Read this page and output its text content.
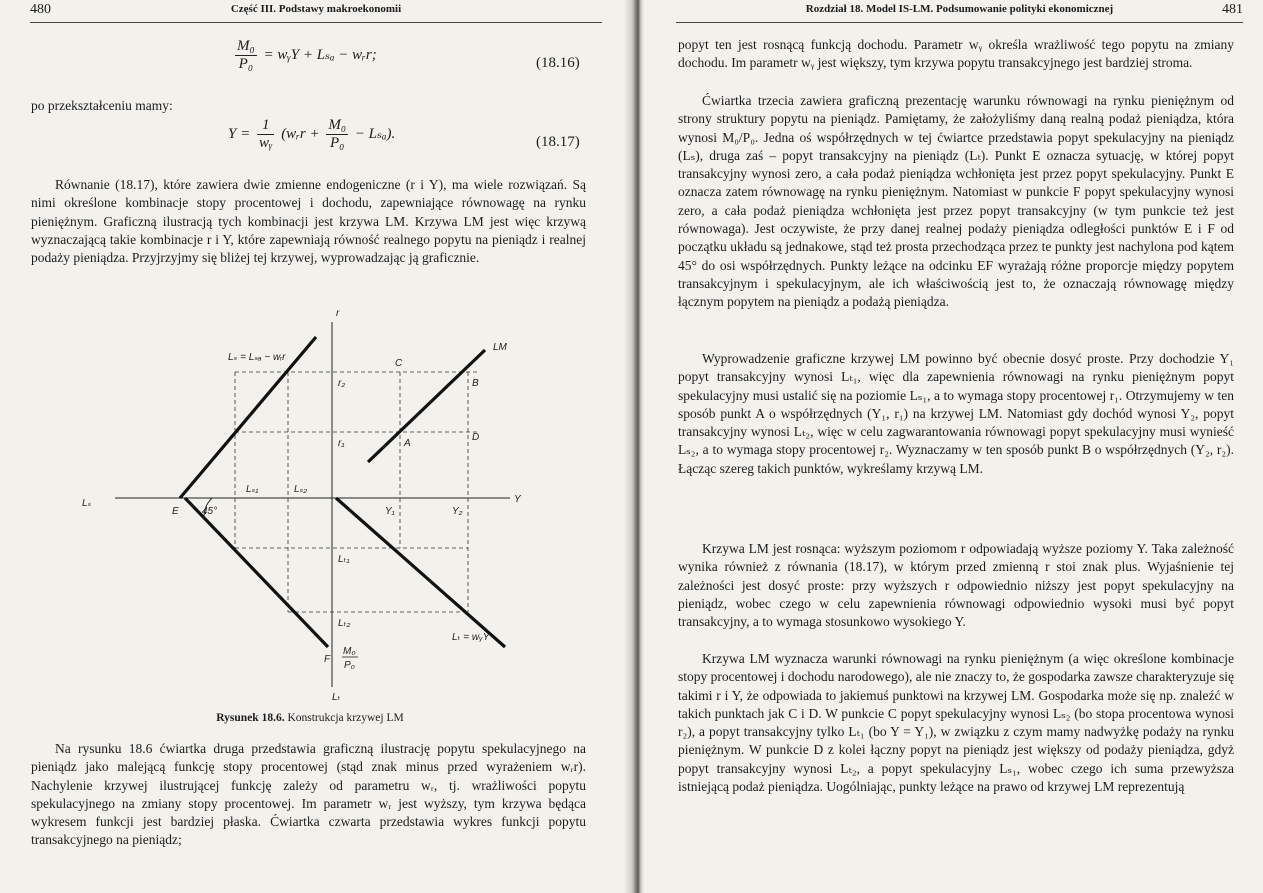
480	Część III. Podstawy makroekonomii
$\frac{\text{M₀}}{\text{P₀}}$ = wᵧY + Lₛₐ − wᵣr;
(18.16)
po przekształceniu mamy:
$Y = \frac{1}{\text{wᵧ}}$ (wᵣr + $\frac{\text{M₀}}{\text{P₀}} - L_{sa}$).
(18.17)
Równanie (18.17), które zawiera dwie zmienne endogeniczne (r i Y), ma wiele rozwiązań. Są nimi określone kombinacje stopy procentowej i dochodu, zapewniające równowagę na rynku pieniężnym. Graficzną ilustracją tych kombinacji jest krzywa LM. Krzywa LM jest więc krzywą wyznaczającą takie kombinacje r i Y, które zapewniają równość realnego popytu na pieniądz i realnej podaży pieniądza. Przyjrzyjmy się bliżej tej krzywej, wyprowadzając ją graficznie.
r
Lₛ	Y
Lₜ
E
F
45°
LM
A
B
C
D
r₂
r₁
Y₁	Y₂
Lₛ₁	Lₛ₂
Lₜ₁
Lₜ₂
Lₛ = Lₛₐ − wᵣr
Lₜ = wᵧY
M₀
P₀
Rysunek 18.6. Konstrukcja krzywej LM
Na rysunku 18.6 ćwiartka druga przedstawia graficzną ilustrację popytu spekulacyjnego na pieniądz jako malejącą funkcję stopy procentowej (stąd znak minus przed wyrażeniem wᵣr). Nachylenie krzywej ilustrującej funkcję zależy od parametru wᵣ, tj. wrażliwości popytu spekulacyjnego na zmiany stopy procentowej. Im parametr wᵣ jest wyższy, tym krzywa będąca wykresem funkcji jest bardziej płaska. Ćwiartka czwarta przedstawia wykres funkcji popytu transakcyjnego na pieniądz;
Rozdział 18. Model IS-LM. Podsumowanie polityki ekonomicznej	481
popyt ten jest rosnącą funkcją dochodu. Parametr wᵧ określa wrażliwość tego popytu na zmiany dochodu. Im parametr wᵧ jest większy, tym krzywa popytu transakcyjnego jest bardziej stroma.
Ćwiartka trzecia zawiera graficzną prezentację warunku równowagi na rynku pieniężnym od strony struktury popytu na pieniądz. Pamiętamy, że założyliśmy daną realną podaż pieniądza, która wynosi M₀/P₀. Jedna oś współrzędnych w tej ćwiartce przedstawia popyt spekulacyjny na pieniądz (Lₛ), druga zaś – popyt transakcyjny na pieniądz (Lₜ). Punkt E oznacza sytuację, w której popyt transakcyjny wynosi zero, a cała podaż pieniądza wchłonięta jest przez popyt spekulacyjny. Punkt E oznacza zatem równowagę na rynku pieniężnym. Natomiast w punkcie F popyt spekulacyjny wynosi zero, a cała podaż pieniądza wchłonięta jest przez popyt transakcyjny (w tym punkcie też jest równowaga). Jest oczywiste, że przy danej realnej podaży pieniądza odległości punktów E i F od początku układu są jednakowe, stąd też prosta przechodząca przez te punkty jest nachylona pod kątem 45° do osi współrzędnych. Punkty leżące na odcinku EF wyrażają różne proporcje między popytem transakcyjnym i spekulacyjnym, ale ich właściwością jest to, że oznaczają równowagę między łącznym popytem na pieniądz a podażą pieniądza.
Wyprowadzenie graficzne krzywej LM powinno być obecnie dosyć proste. Przy dochodzie Y₁ popyt transakcyjny wynosi Lₜ₁, więc dla zapewnienia równowagi na rynku pieniężnym popyt spekulacyjny musi ustalić się na poziomie Lₛ₁, a to wymaga stopy procentowej r₁. Otrzymujemy w ten sposób punkt A o współrzędnych (Y₁, r₁) na krzywej LM. Natomiast gdy dochód wynosi Y₂, popyt transakcyjny wynosi Lₜ₂, więc w celu zagwarantowania równowagi popyt spekulacyjny musi wynieść Lₛ₂, a to wymaga stopy procentowej r₂. Wyznaczamy w ten sposób punkt B o współrzędnych (Y₂, r₂). Łącząc szereg takich punktów, wykreślamy krzywą LM.
Krzywa LM jest rosnąca: wyższym poziomom r odpowiadają wyższe poziomy Y. Taka zależność wynika również z równania (18.17), w którym przed zmienną r stoi znak plus. Wyjaśnienie tej zależności jest dosyć proste: przy wyższych r odpowiednio niższy jest popyt spekulacyjny na pieniądz, wobec czego w celu zapewnienia równowagi odpowiednio wysoki musi być popyt transakcyjny, a to wymaga stosunkowo wysokiego Y.
Krzywa LM wyznacza warunki równowagi na rynku pieniężnym (a więc określone kombinacje stopy procentowej i dochodu narodowego), ale nie znaczy to, że gospodarka zawsze charakteryzuje się takimi r i Y, że odpowiada to jakiemuś punktowi na krzywej LM. Gospodarka może się np. znaleźć w takich punktach jak C i D. W punkcie C popyt spekulacyjny wynosi Lₛ₂ (bo stopa procentowa wynosi r₂), a popyt transakcyjny tylko Lₜ₁ (bo Y = Y₁), w związku z czym mamy nadwyżkę podaży na rynku pieniężnym. W punkcie D z kolei łączny popyt na pieniądz jest większy od podaży pieniądza, gdyż popyt transakcyjny wynosi Lₜ₂, a popyt spekulacyjny Lₛ₁, wobec czego ich suma przewyższa istniejącą podaż pieniądza. Uogólniając, punkty leżące na prawo od krzywej LM reprezentują
